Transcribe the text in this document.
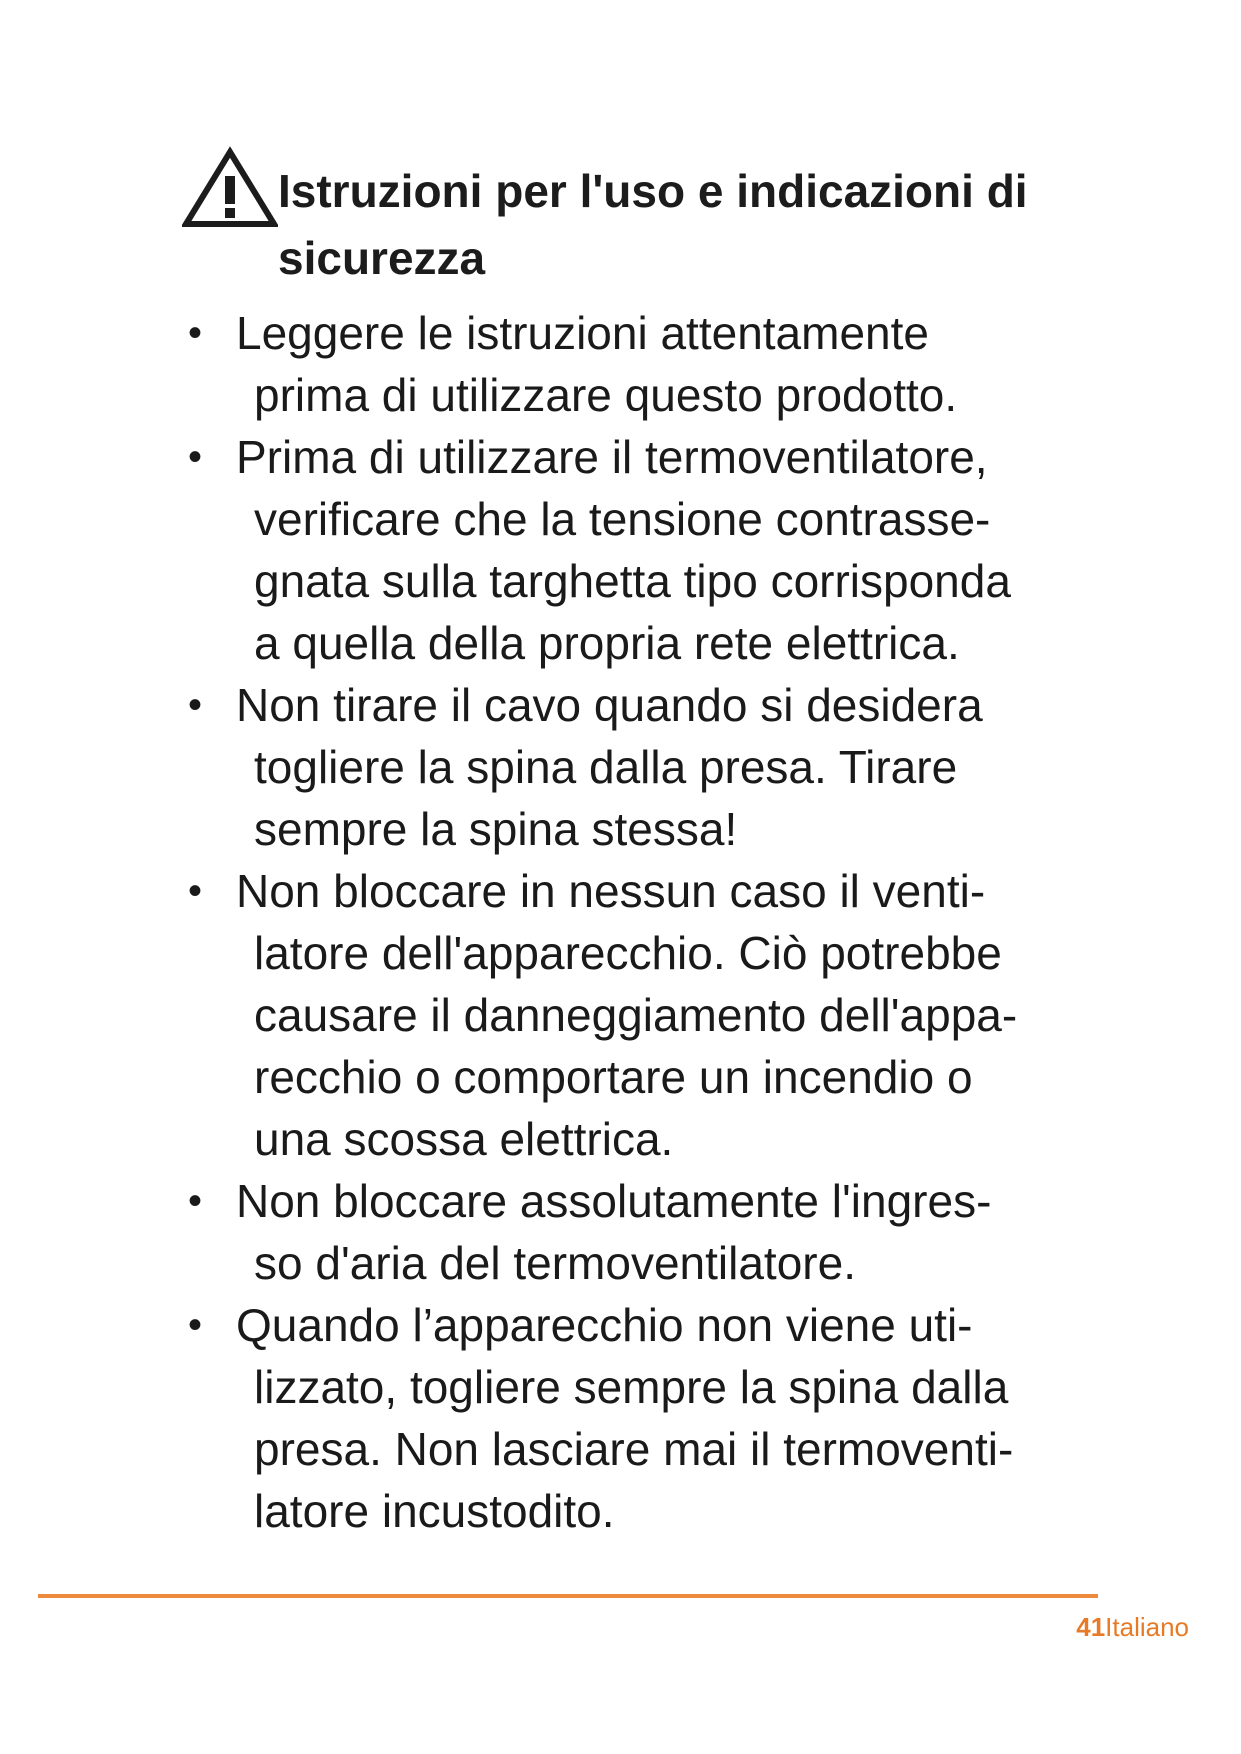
Istruzioni per l'uso e indicazioni di
sicurezza
• Leggere le istruzioni attentamente
prima di utilizzare questo prodotto.
• Prima di utilizzare il termoventilatore,
verificare che la tensione contrasse-
gnata sulla targhetta tipo corrisponda
a quella della propria rete elettrica.
• Non tirare il cavo quando si desidera
togliere la spina dalla presa. Tirare
sempre la spina stessa!
• Non bloccare in nessun caso il venti-
latore dell'apparecchio. Ciò potrebbe
causare il danneggiamento dell'appa-
recchio o comportare un incendio o
una scossa elettrica.
• Non bloccare assolutamente l'ingres-
so d'aria del termoventilatore.
• Quando l’apparecchio non viene uti-
lizzato, togliere sempre la spina dalla
presa. Non lasciare mai il termoventi-
latore incustodito.
41Italiano
